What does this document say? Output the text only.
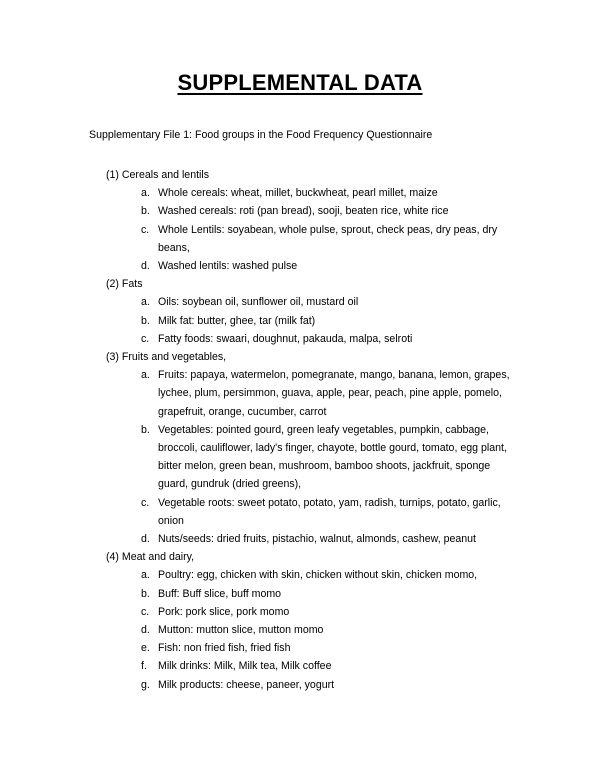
SUPPLEMENTAL DATA
Supplementary File 1: Food groups in the Food Frequency Questionnaire
(1) Cereals and lentils
a. Whole cereals: wheat, millet, buckwheat, pearl millet, maize
b. Washed cereals: roti (pan bread), sooji, beaten rice, white rice
c. Whole Lentils: soyabean, whole pulse, sprout, check peas, dry peas, dry beans,
d. Washed lentils: washed pulse
(2) Fats
a. Oils: soybean oil, sunflower oil, mustard oil
b. Milk fat: butter, ghee, tar (milk fat)
c. Fatty foods: swaari, doughnut, pakauda, malpa, selroti
(3) Fruits and vegetables,
a. Fruits: papaya, watermelon, pomegranate, mango, banana, lemon, grapes, lychee, plum, persimmon, guava, apple, pear, peach, pine apple, pomelo, grapefruit, orange, cucumber, carrot
b. Vegetables: pointed gourd, green leafy vegetables, pumpkin, cabbage, broccoli, cauliflower, lady's finger, chayote, bottle gourd, tomato, egg plant, bitter melon, green bean, mushroom, bamboo shoots, jackfruit, sponge guard, gundruk (dried greens),
c. Vegetable roots: sweet potato, potato, yam, radish, turnips, potato, garlic, onion
d. Nuts/seeds: dried fruits, pistachio, walnut, almonds, cashew, peanut
(4) Meat and dairy,
a. Poultry: egg, chicken with skin, chicken without skin, chicken momo,
b. Buff: Buff slice, buff momo
c. Pork: pork slice, pork momo
d. Mutton: mutton slice, mutton momo
e. Fish: non fried fish, fried fish
f. Milk drinks: Milk, Milk tea, Milk coffee
g. Milk products: cheese, paneer, yogurt
